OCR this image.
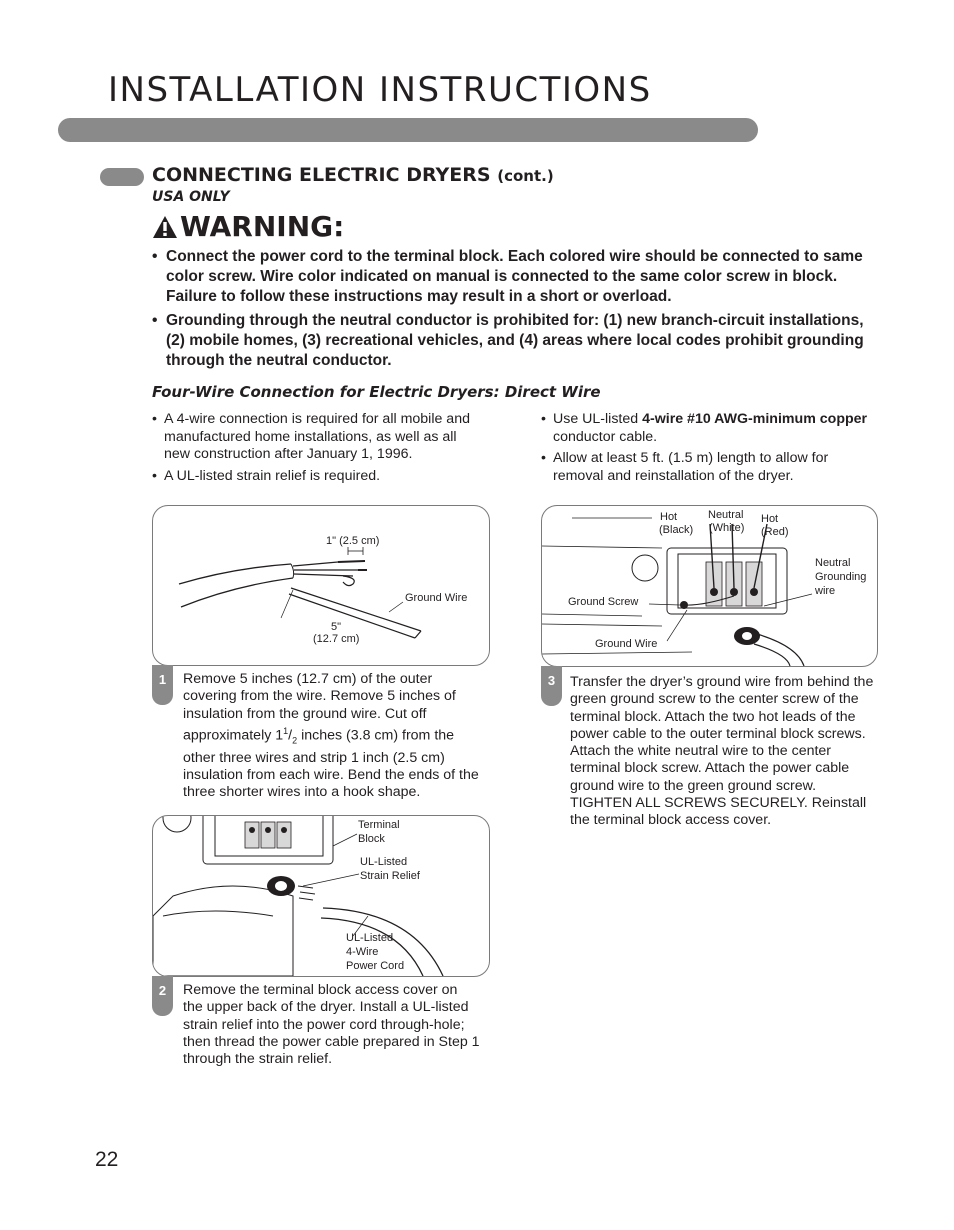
INSTALLATION INSTRUCTIONS
CONNECTING ELECTRIC DRYERS (cont.)
USA ONLY
WARNING:
• Connect the power cord to the terminal block. Each colored wire should be connected to same color screw. Wire color indicated on manual is connected to the same color screw in block. Failure to follow these instructions may result in a short or overload.
• Grounding through the neutral conductor is prohibited for: (1) new branch-circuit installations, (2) mobile homes, (3) recreational vehicles, and (4) areas where local codes prohibit grounding through the neutral conductor.
Four-Wire Connection for Electric Dryers: Direct Wire
• A 4-wire connection is required for all mobile and manufactured home installations, as well as all new construction after January 1, 1996.
• A UL-listed strain relief is required.
• Use UL-listed 4-wire #10 AWG-minimum copper conductor cable.
• Allow at least 5 ft. (1.5 m) length to allow for removal and reinstallation of the dryer.
1" (2.5 cm)
Ground Wire
5"
(12.7 cm)
1	Remove 5 inches (12.7 cm) of the outer covering from the wire. Remove 5 inches of insulation from the ground wire. Cut off approximately $1^1/_2$ inches (3.8 cm) from the other three wires and strip 1 inch (2.5 cm) insulation from each wire. Bend the ends of the three shorter wires into a hook shape.
Terminal
Block
UL-Listed
Strain Relief
UL-Listed
4-Wire
Power Cord
2	Remove the terminal block access cover on the upper back of the dryer. Install a UL-listed strain relief into the power cord through-hole; then thread the power cable prepared in Step 1 through the strain relief.
Hot
(Black)
Neutral
(White)
Hot
(Red)
Neutral
Grounding
wire
Ground Screw
Ground Wire
3	Transfer the dryer’s ground wire from behind the green ground screw to the center screw of the terminal block. Attach the two hot leads of the power cable to the outer terminal block screws. Attach the white neutral wire to the center terminal block screw. Attach the power cable ground wire to the green ground screw. TIGHTEN ALL SCREWS SECURELY. Reinstall the terminal block access cover.
22
